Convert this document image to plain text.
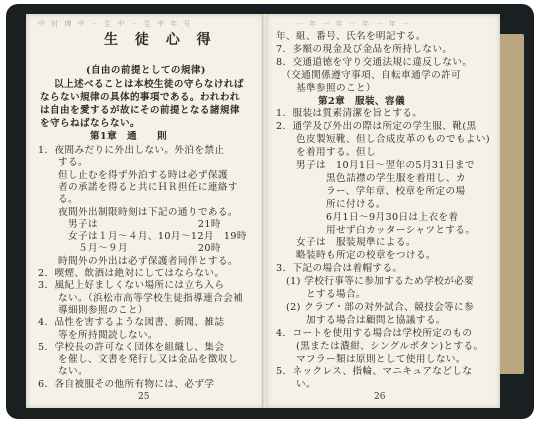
中 村 博 中 ・ 生 中 ・ 生 中 年 号
生 徒 心 得
(自由の前提としての規律)
以上述べることは本校生徒の守らなければ
ならない規律の具体的事項である。われわれ
は自由を愛するが故にその前提となる諸規律
を守らねばならない。
第1章　通　　則
1．夜間みだりに外出しない。外泊を禁止
　　する。
　　但し止むを得ず外泊する時は必ず保護
　　者の承諾を得ると共にＨＲ担任に連絡す
　　る。
　　夜間外出制限時刻は下記の通りである。
　　　男子は　　　　　　　　　　21時
　　　女子は１月～４月、10月～12月　19時
　　　　５月～９月　　　　　　　20時
　　時間外の外出は必ず保護者同伴とする。
2．喫煙、飲酒は絶対にしてはならない。
3．風紀上好ましくない場所には立ち入ら
　　ない。（浜松市高等学校生徒指導連合会補
　　導細則参照のこと）
4．品性を害するような図書、新聞、雑誌
　　等を所持閲読しない。
5．学校長の許可なく団体を組織し、集会
　　を催し、文書を発行し又は金品を徴収し
　　ない。
6．各自被服その他所有物には、必ず学
25
一 年 一 年 一 年 一 年 一
年、組、番号、氏名を明記する。
7．多額の現金及び金品を所持しない。
8．交通道徳を守り交通法規に違反しない。
　（交通関係遵守事項、自転車通学の許可
　　基準参照のこと）
第2章　服装、容儀
1．服装は質素清潔を旨とする。
2．通学及び外出の際は所定の学生服、靴(黒
　　色皮製短靴、但し合成皮革のものでもよい)
　　を着用する。但し
　　男子は　10月1日～翌年の5月31日まで
　　　　　黒色詰襟の学生服を着用し、カ
　　　　　ラー、学年章、校章を所定の場
　　　　　所に付ける。
　　　　　6月1日～9月30日は上衣を着
　　　　　用せず白カッターシャツとする。
　　女子は　服装規準による。
　　略装時も所定の校章をつける。
3．下記の場合は着帽する。
　(1) 学校行事等に参加するため学校が必要
　　　とする場合。
　(2) クラブ・部の対外試合、競技会等に参
　　　加する場合は顧問と協議する。
4．コートを使用する場合は学校所定のもの
　　(黒または濃紺、シングルボタン)とする。
　　マフラー類は原則として使用しない。
5．ネックレス、指輪、マニキュアなどしな
　　い。
26
